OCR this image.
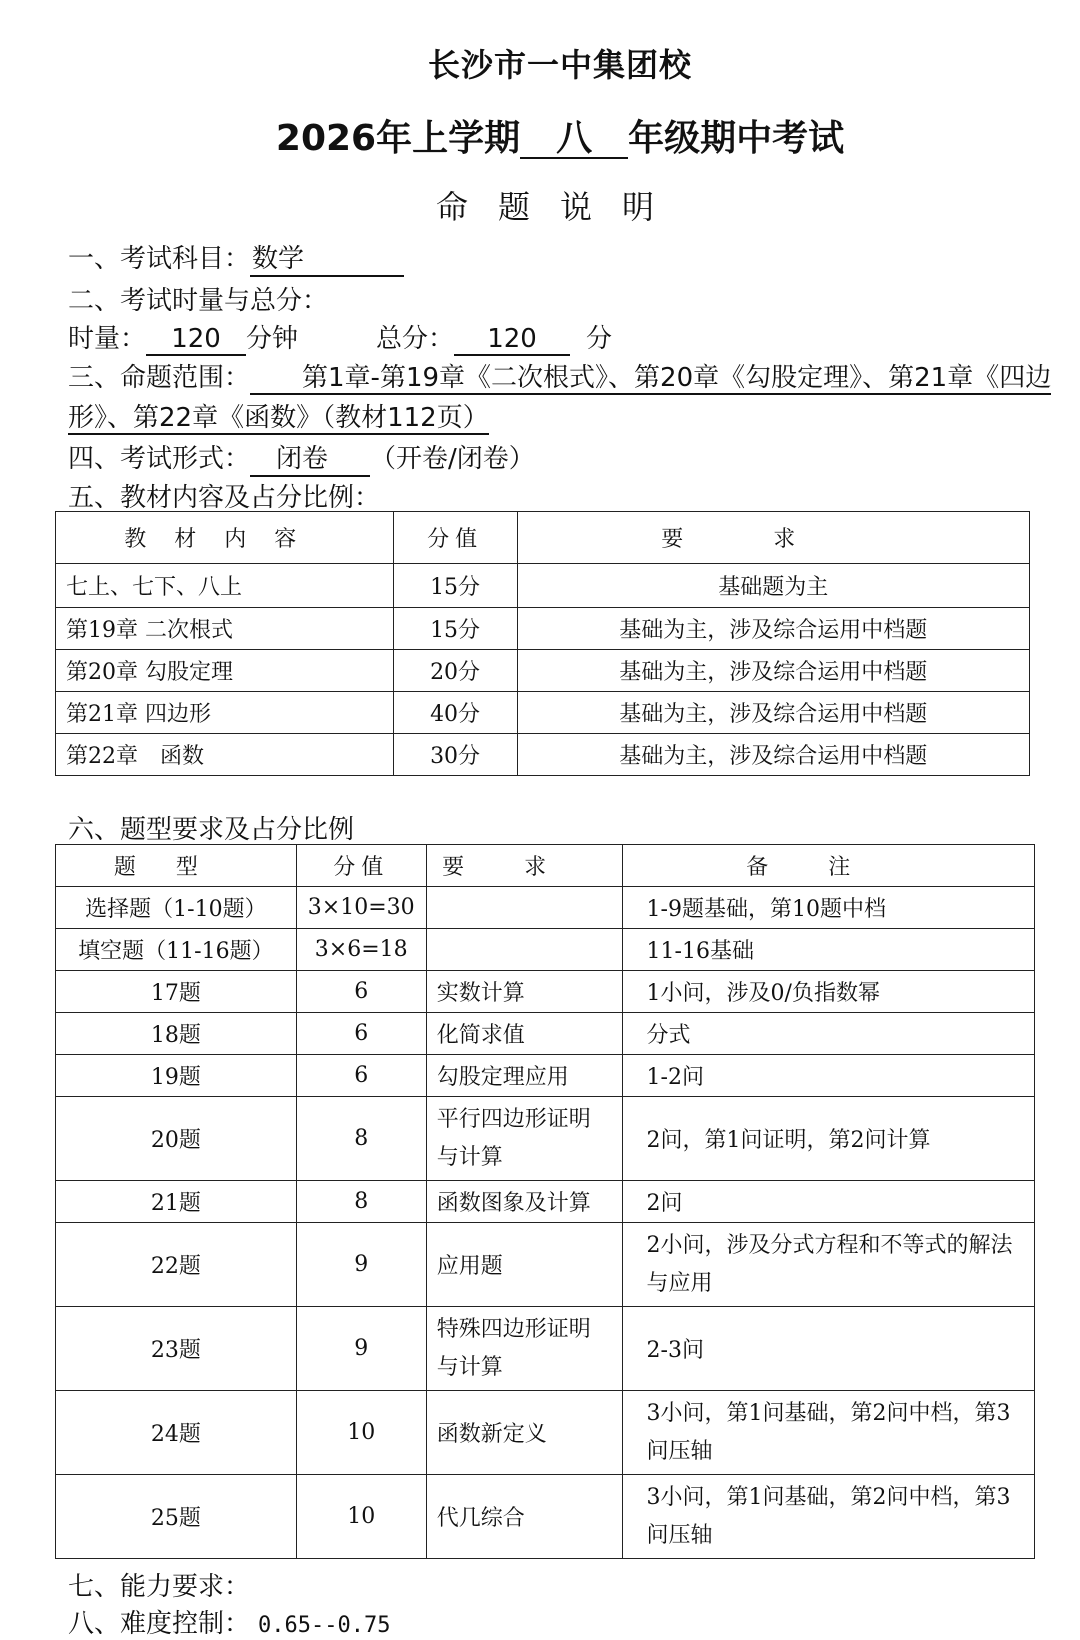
长沙市一中集团校
2026年上学期 八 年级期中考试
命题说明
一、考试科目：数学
二、考试时量与总分：
时量： 120 分钟	总分： 120 分
三、命题范围： 第1章-第19章《二次根式》、第20章《勾股定理》、第21章《四边形》、第22章《函数》（教材112页）
四、考试形式： 闭卷 （开卷/闭卷）
五、教材内容及占分比例：
教材内容	分值	要求
七上、七下、八上	15分	基础题为主
第19章 二次根式	15分	基础为主，涉及综合运用中档题
第20章 勾股定理	20分	基础为主，涉及综合运用中档题
第21章 四边形	40分	基础为主，涉及综合运用中档题
第22章　函数	30分	基础为主，涉及综合运用中档题
六、题型要求及占分比例
题型	分值	要求	备注
选择题（1-10题）	3×10=30		1-9题基础，第10题中档
填空题（11-16题）	3×6=18		11-16基础
17题	6	实数计算	1小问，涉及0/负指数幂
18题	6	化简求值	分式
19题	6	勾股定理应用	1-2问
20题	8	平行四边形证明与计算	2问，第1问证明，第2问计算
21题	8	函数图象及计算	2问
22题	9	应用题	2小问，涉及分式方程和不等式的解法与应用
23题	9	特殊四边形证明与计算	2-3问
24题	10	函数新定义	3小问，第1问基础，第2问中档，第3问压轴
25题	10	代几综合	3小问，第1问基础，第2问中档，第3问压轴
七、能力要求：
八、难度控制： 0.65--0.75
